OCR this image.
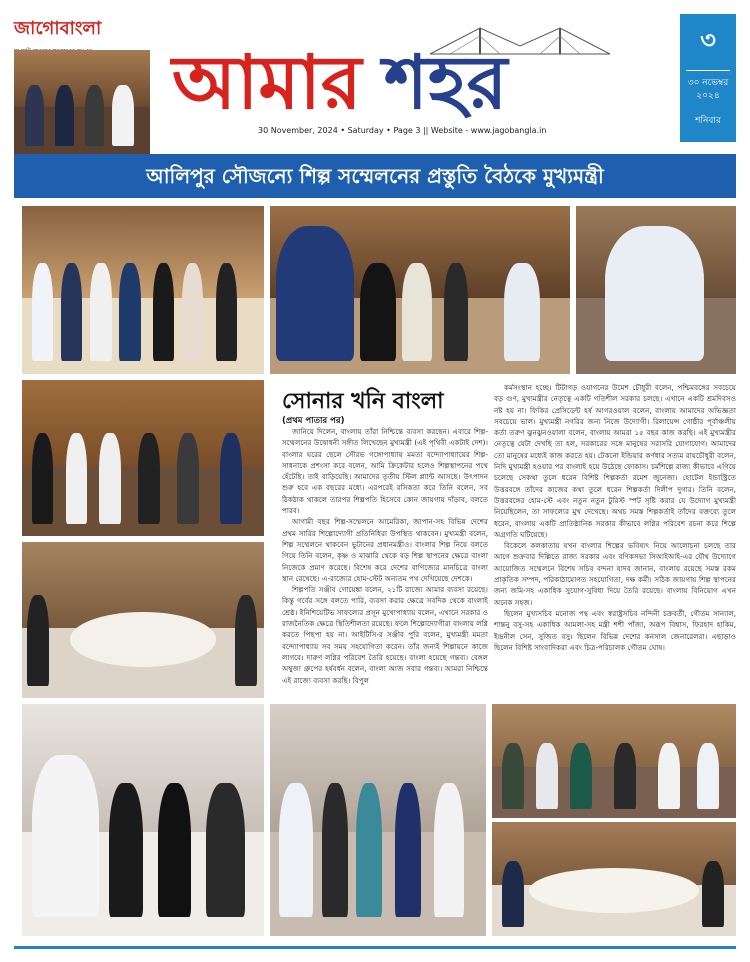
জাগোবাংলা
আমার শহর
30 November, 2024 • Saturday • Page 3 || Website - www.jagobangla.in
৩
৩০ নভেম্বর
২০২৪
শনিবার
আলিপুর সৌজন্যে শিল্প সম্মেলনের প্রস্তুতি বৈঠকে মুখ্যমন্ত্রী
সোনার খনি বাংলা
(প্রথম পাতার পর)

জানিয়ে দিলেন, বাংলায় তাঁরা নিশ্চিন্তে ব্যবসা করছেন। এবারে শিল্প-সম্মেলনের উদ্বোধনী সঙ্গীত লিখেছেন মুখ্যমন্ত্রী (এই পৃথিবী একটাই দেশ)। বাংলার ঘরের ছেলে সৌরভ গঙ্গোপাধ্যায় মমতা বন্দ্যোপাধ্যায়ের শিল্প-সাধনাকে প্রশংসা করে বলেন, আমি ক্রিকেটার হলেও শিল্পস্থাপনের পথে হেঁটেছি। তাই বাড়িয়েছি। আমাদের তৃতীয় স্টিল প্ল্যান্ট আসছে। উৎপাদন শুরু হবে এক বছরের মধ্যে। এরপরেই রসিকতা করে তিনি বলেন, সব ঠিকঠাক থাকলে তারপর শিল্পপতি হিসেবে কোন জায়গায় দাঁড়াব, বলতে পারব।

আগামী বছর শিল্প-সম্মেলনে আমেরিকা, জাপান-সহ বিভিন্ন দেশের প্রথম সারির শিল্পোদ্যোগী প্রতিনিধিরা উপস্থিত থাকবেন। মুখ্যমন্ত্রী বলেন, শিল্প সম্মেলনে থাকবেন ভুটানের প্রধানমন্ত্রীও। বাংলার শিল্প নিয়ে বলতে গিয়ে তিনি বলেন, কৃষ্ণ ও মাঝারি থেকে বড় শিল্প স্থাপনের ক্ষেত্রে বাংলা নিজেকে প্রমাণ করেছে। বিশেষ করে দেশের বাণিজ্যের মানচিত্রে বাংলা স্থান রেখেছে। এ-রাজ্যের হোম-স্টেট অন্যতম পথ দেখিয়েছে দেশকে।

শিল্পপতি সঞ্জীব গোয়েঙ্কা বলেন, ২১টি রাজ্যে আমার ব্যবসা রয়েছে। কিন্তু গর্বের সঙ্গে বলতে পারি, ব্যবসা করার ক্ষেত্রে সবদিক থেকে বাংলাই শ্রেষ্ঠ। ইনিশিয়েটিভ সাফল্যের প্রসূন মুখোপাধ্যায় বলেন, এখানে সরকার ও রাজনৈতিক ক্ষেত্রে স্থিতিশীলতা রয়েছে। ফলে শিল্পোদ্যোগীরা বাংলায় লগ্নি করতে পিছপা হয় না। আইটিসি-র সঞ্জীব পুরি বলেন, মুখ্যমন্ত্রী মমতা বন্দ্যোপাধ্যায় সব সময় সহযোগিতা করেন। তাঁর জন্যই শিল্পায়নে কাজে লাগবে। দারুণ লগ্নির পরিবেশ তৈরি হয়েছে। বাংলা হয়েছে গন্তব্য। বেঙ্গল অম্বুজা গ্রুপের হর্ষবর্ধন বলেন, বাংলা আজ সবার গন্তব্য। আমরা নিশ্চিন্তে এই রাজ্যে ব্যবসা করছি। বিপুল

কর্মসংস্থান হচ্ছে। টিটাগড় ওয়াগনের উমেশ চৌধুরী বলেন, পশ্চিমবঙ্গের সবচেয়ে বড় গুণ, মুখ্যমন্ত্রীর নেতৃত্বে একটি গতিশীল সরকার চলছে। এখানে একটি শ্রমদিবসও নষ্ট হয় না। ফিকির প্রেসিডেন্ট হর্ষ আগরওয়াল বলেন, বাংলায় আমাদের অভিজ্ঞতা সবচেয়ে ভাল। মুখ্যমন্ত্রী নগরির জন্য নিজে উদ্যোগী। রিলায়েন্স গোষ্ঠীর পূর্বাঞ্চলীয় কর্তা তরুণ ঝুনঝুনওয়ালা বলেন, বাংলায় আমরা ১৫ বছর কাজ করছি। এই মুখ্যমন্ত্রীর নেতৃত্বে যেটা দেখছি তা হল, সরকারের সঙ্গে মানুষের সরাসরি যোগাযোগ। আমাদের তো মানুষের মধ্যেই কাজ করতে হয়। টেকনো ইন্ডিয়ার কর্ণধার সত্যম রায়চৌধুরী বলেন, নিদি মুখ্যমন্ত্রী হওয়ার পর বাংলাই হয়ে উঠেছে ফোকাস। চর্মশিল্পে রাজ্য কীভাবে এগিয়ে চলেছে সেকথা তুলে ধরেন বিশিষ্ট শিল্পকর্তা রমেশ জুনেজা। হোটেল ইন্ডাস্ট্রিতে উত্তরবঙ্গে তাঁদের কাজের কথা তুলে ধরেন শিল্পকর্তা দিলীপ দুগার। তিনি বলেন, উত্তরবঙ্গের হোম-স্টে এবং নতুন নতুন টুরিস্ট স্পট সৃষ্টি করার যে উদ্যোগ মুখ্যমন্ত্রী নিয়েছিলেন, তা সাফল্যের মুখ দেখেছে। অথচ সমস্ত শিল্পকর্তাই তাঁদের বক্তব্যে তুলে ধরেন, বাংলায় একটি প্রাতিষ্ঠানিক সরকার কীভাবে লগ্নির পরিবেশ রচনা করে শিল্পে অগ্রগতি ঘটিয়েছে।

বিকেলে কলকাতায় যখন বাংলার শিল্পের ভবিষ্যৎ নিয়ে আলোচনা চলছে তার আগে শুক্রবার দিল্লিতে রাজ্য সরকার এবং বণিকসভা সিআইআই-এর যৌথ উদ্যোগে আয়োজিত সম্মেলনে বিশেষ সচিব বন্দনা যাদব জানান, বাংলায় রয়েছে সমস্ত রকম প্রাকৃতিক সম্পদ, পরিকাঠামোগত সহযোগিতা, দক্ষ কর্মী। সঠিক জায়গায় শিল্প স্থাপনের জন্য জমি-সহ একাধিক সুযোগ-সুবিধা দিয়ে তৈরি রয়েছে। বাংলায় বিনিয়োগ এখন অনেক সহজ।

ছিলেন মুখ্যসচিব মনোজ পন্থ এবং স্বরাষ্ট্রসচিব নন্দিনী চক্রবর্তী, গৌতম সান্যাল, শান্তনু বসু-সহ একাধিক আমলা-সহ মন্ত্রী শশী পাঁজা, অরূপ বিশ্বাস, ফিরহাদ হাকিম, ইন্দ্রনীল সেন, সুজিত বসু। ছিলেন বিভিন্ন দেশের কনসাল জেনারেলরা। এছাড়াও ছিলেন বিশিষ্ট সাংবাদিকরা এবং চিত্র-পরিচালক গৌতম ঘোষ।
